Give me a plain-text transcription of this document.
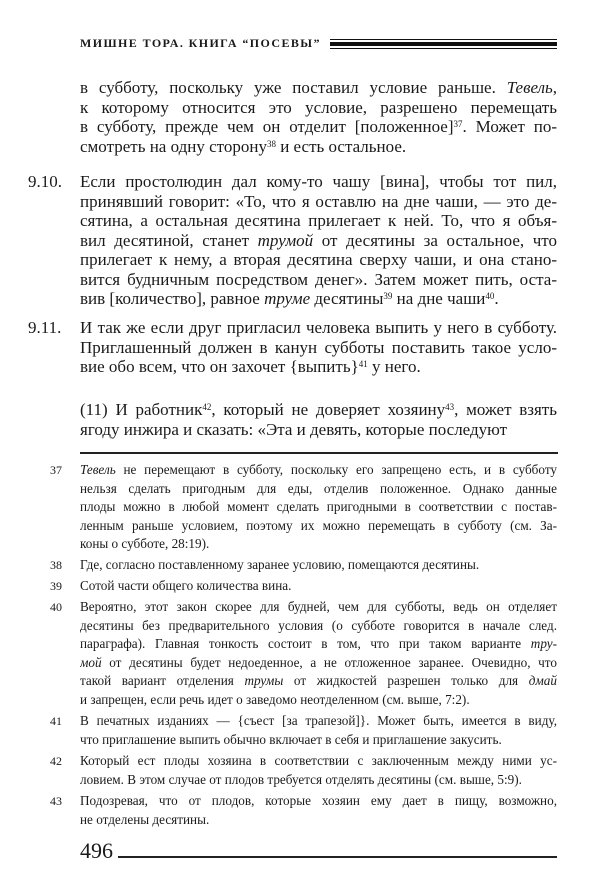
МИШНЕ ТОРА. КНИГА “ПОСЕВЫ”
в субботу, поскольку уже поставил условие раньше. Тевель,
к которому относится это условие, разрешено перемещать
в субботу, прежде чем он отделит [положенное]$^{37}$. Может по-
смотреть на одну сторону$^{38}$ и есть остальное.
9.10. Если простолюдин дал кому-то чашу [вина], чтобы тот пил,
принявший говорит: «То, что я оставлю на дне чаши, — это де-
сятина, а остальная десятина прилегает к ней. То, что я объя-
вил десятиной, станет трумой от десятины за остальное, что
прилегает к нему, а вторая десятина сверху чаши, и она стано-
вится будничным посредством денег». Затем может пить, оста-
вив [количество], равное труме десятины$^{39}$ на дне чаши$^{40}$.
9.11. И так же если друг пригласил человека выпить у него в субботу.
Приглашенный должен в канун субботы поставить такое усло-
вие обо всем, что он захочет {выпить}$^{41}$ у него.
(11) И работник$^{42}$, который не доверяет хозяину$^{43}$, может взять
ягоду инжира и сказать: «Эта и девять, которые последуют
37 Тевель не перемещают в субботу, поскольку его запрещено есть, и в субботу
нельзя сделать пригодным для еды, отделив положенное. Однако данные
плоды можно в любой момент сделать пригодными в соответствии с постав-
ленным раньше условием, поэтому их можно перемещать в субботу (см. За-
коны о субботе, 28:19).
38 Где, согласно поставленному заранее условию, помещаются десятины.
39 Сотой части общего количества вина.
40 Вероятно, этот закон скорее для будней, чем для субботы, ведь он отделяет
десятины без предварительного условия (о субботе говорится в начале след.
параграфа). Главная тонкость состоит в том, что при таком варианте тру-
мой от десятины будет недоеденное, а не отложенное заранее. Очевидно, что
такой вариант отделения трумы от жидкостей разрешен только для дмай
и запрещен, если речь идет о заведомо неотделенном (см. выше, 7:2).
41 В печатных изданиях — {съест [за трапезой]}. Может быть, имеется в виду,
что приглашение выпить обычно включает в себя и приглашение закусить.
42 Который ест плоды хозяина в соответствии с заключенным между ними ус-
ловием. В этом случае от плодов требуется отделять десятины (см. выше, 5:9).
43 Подозревая, что от плодов, которые хозяин ему дает в пищу, возможно,
не отделены десятины.
496
